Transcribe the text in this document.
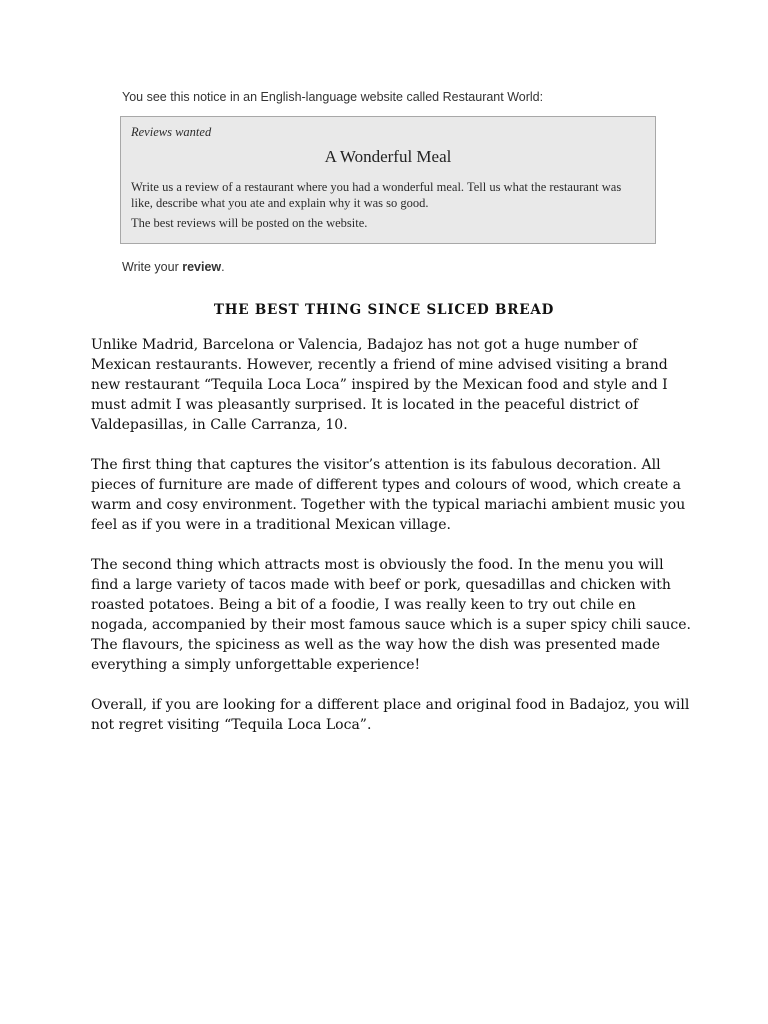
You see this notice in an English-language website called Restaurant World:

Reviews wanted

A Wonderful Meal

Write us a review of a restaurant where you had a wonderful meal. Tell us what the restaurant was like, describe what you ate and explain why it was so good.

The best reviews will be posted on the website.

Write your review.

THE BEST THING SINCE SLICED BREAD

Unlike Madrid, Barcelona or Valencia, Badajoz has not got a huge number of Mexican restaurants. However, recently a friend of mine advised visiting a brand new restaurant “Tequila Loca Loca” inspired by the Mexican food and style and I must admit I was pleasantly surprised. It is located in the peaceful district of Valdepasillas, in Calle Carranza, 10.

The first thing that captures the visitor’s attention is its fabulous decoration. All pieces of furniture are made of different types and colours of wood, which create a warm and cosy environment. Together with the typical mariachi ambient music you feel as if you were in a traditional Mexican village.

The second thing which attracts most is obviously the food. In the menu you will find a large variety of tacos made with beef or pork, quesadillas and chicken with roasted potatoes. Being a bit of a foodie, I was really keen to try out chile en nogada, accompanied by their most famous sauce which is a super spicy chili sauce. The flavours, the spiciness as well as the way how the dish was presented made everything a simply unforgettable experience!

Overall, if you are looking for a different place and original food in Badajoz, you will not regret visiting “Tequila Loca Loca”.
